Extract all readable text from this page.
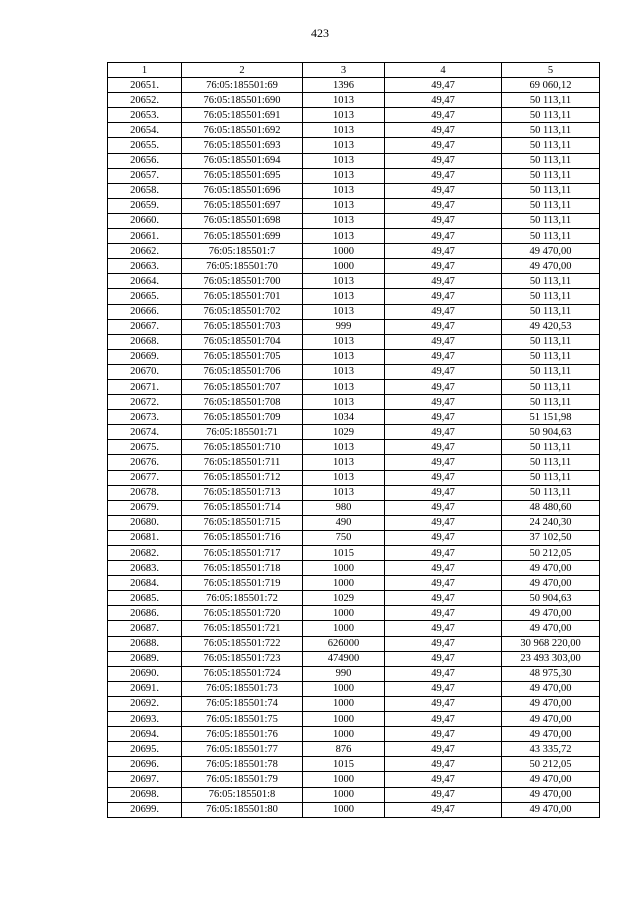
423
1	2	3	4	5
20651.	76:05:185501:69	1396	49,47	69 060,12
20652.	76:05:185501:690	1013	49,47	50 113,11
20653.	76:05:185501:691	1013	49,47	50 113,11
20654.	76:05:185501:692	1013	49,47	50 113,11
20655.	76:05:185501:693	1013	49,47	50 113,11
20656.	76:05:185501:694	1013	49,47	50 113,11
20657.	76:05:185501:695	1013	49,47	50 113,11
20658.	76:05:185501:696	1013	49,47	50 113,11
20659.	76:05:185501:697	1013	49,47	50 113,11
20660.	76:05:185501:698	1013	49,47	50 113,11
20661.	76:05:185501:699	1013	49,47	50 113,11
20662.	76:05:185501:7	1000	49,47	49 470,00
20663.	76:05:185501:70	1000	49,47	49 470,00
20664.	76:05:185501:700	1013	49,47	50 113,11
20665.	76:05:185501:701	1013	49,47	50 113,11
20666.	76:05:185501:702	1013	49,47	50 113,11
20667.	76:05:185501:703	999	49,47	49 420,53
20668.	76:05:185501:704	1013	49,47	50 113,11
20669.	76:05:185501:705	1013	49,47	50 113,11
20670.	76:05:185501:706	1013	49,47	50 113,11
20671.	76:05:185501:707	1013	49,47	50 113,11
20672.	76:05:185501:708	1013	49,47	50 113,11
20673.	76:05:185501:709	1034	49,47	51 151,98
20674.	76:05:185501:71	1029	49,47	50 904,63
20675.	76:05:185501:710	1013	49,47	50 113,11
20676.	76:05:185501:711	1013	49,47	50 113,11
20677.	76:05:185501:712	1013	49,47	50 113,11
20678.	76:05:185501:713	1013	49,47	50 113,11
20679.	76:05:185501:714	980	49,47	48 480,60
20680.	76:05:185501:715	490	49,47	24 240,30
20681.	76:05:185501:716	750	49,47	37 102,50
20682.	76:05:185501:717	1015	49,47	50 212,05
20683.	76:05:185501:718	1000	49,47	49 470,00
20684.	76:05:185501:719	1000	49,47	49 470,00
20685.	76:05:185501:72	1029	49,47	50 904,63
20686.	76:05:185501:720	1000	49,47	49 470,00
20687.	76:05:185501:721	1000	49,47	49 470,00
20688.	76:05:185501:722	626000	49,47	30 968 220,00
20689.	76:05:185501:723	474900	49,47	23 493 303,00
20690.	76:05:185501:724	990	49,47	48 975,30
20691.	76:05:185501:73	1000	49,47	49 470,00
20692.	76:05:185501:74	1000	49,47	49 470,00
20693.	76:05:185501:75	1000	49,47	49 470,00
20694.	76:05:185501:76	1000	49,47	49 470,00
20695.	76:05:185501:77	876	49,47	43 335,72
20696.	76:05:185501:78	1015	49,47	50 212,05
20697.	76:05:185501:79	1000	49,47	49 470,00
20698.	76:05:185501:8	1000	49,47	49 470,00
20699.	76:05:185501:80	1000	49,47	49 470,00
